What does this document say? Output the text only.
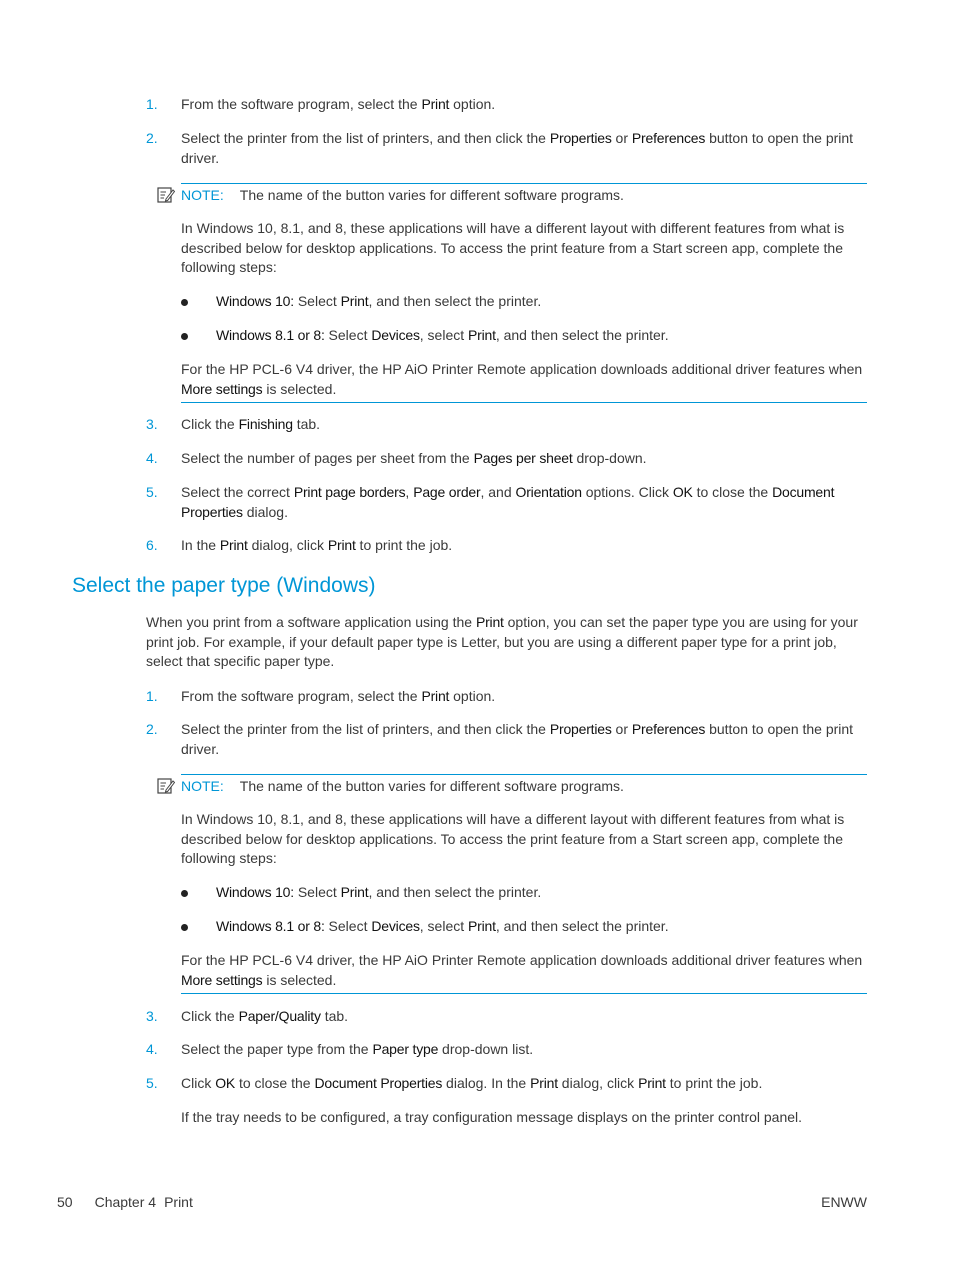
1. From the software program, select the Print option.
2. Select the printer from the list of printers, and then click the Properties or Preferences button to open the print driver.
NOTE: The name of the button varies for different software programs.
In Windows 10, 8.1, and 8, these applications will have a different layout with different features from what is described below for desktop applications. To access the print feature from a Start screen app, complete the following steps:
Windows 10: Select Print, and then select the printer.
Windows 8.1 or 8: Select Devices, select Print, and then select the printer.
For the HP PCL-6 V4 driver, the HP AiO Printer Remote application downloads additional driver features when More settings is selected.
3. Click the Finishing tab.
4. Select the number of pages per sheet from the Pages per sheet drop-down.
5. Select the correct Print page borders, Page order, and Orientation options. Click OK to close the Document Properties dialog.
6. In the Print dialog, click Print to print the job.
Select the paper type (Windows)
When you print from a software application using the Print option, you can set the paper type you are using for your print job. For example, if your default paper type is Letter, but you are using a different paper type for a print job, select that specific paper type.
1. From the software program, select the Print option.
2. Select the printer from the list of printers, and then click the Properties or Preferences button to open the print driver.
NOTE: The name of the button varies for different software programs.
In Windows 10, 8.1, and 8, these applications will have a different layout with different features from what is described below for desktop applications. To access the print feature from a Start screen app, complete the following steps:
Windows 10: Select Print, and then select the printer.
Windows 8.1 or 8: Select Devices, select Print, and then select the printer.
For the HP PCL-6 V4 driver, the HP AiO Printer Remote application downloads additional driver features when More settings is selected.
3. Click the Paper/Quality tab.
4. Select the paper type from the Paper type drop-down list.
5. Click OK to close the Document Properties dialog. In the Print dialog, click Print to print the job.
If the tray needs to be configured, a tray configuration message displays on the printer control panel.
50 Chapter 4 Print	ENWW
